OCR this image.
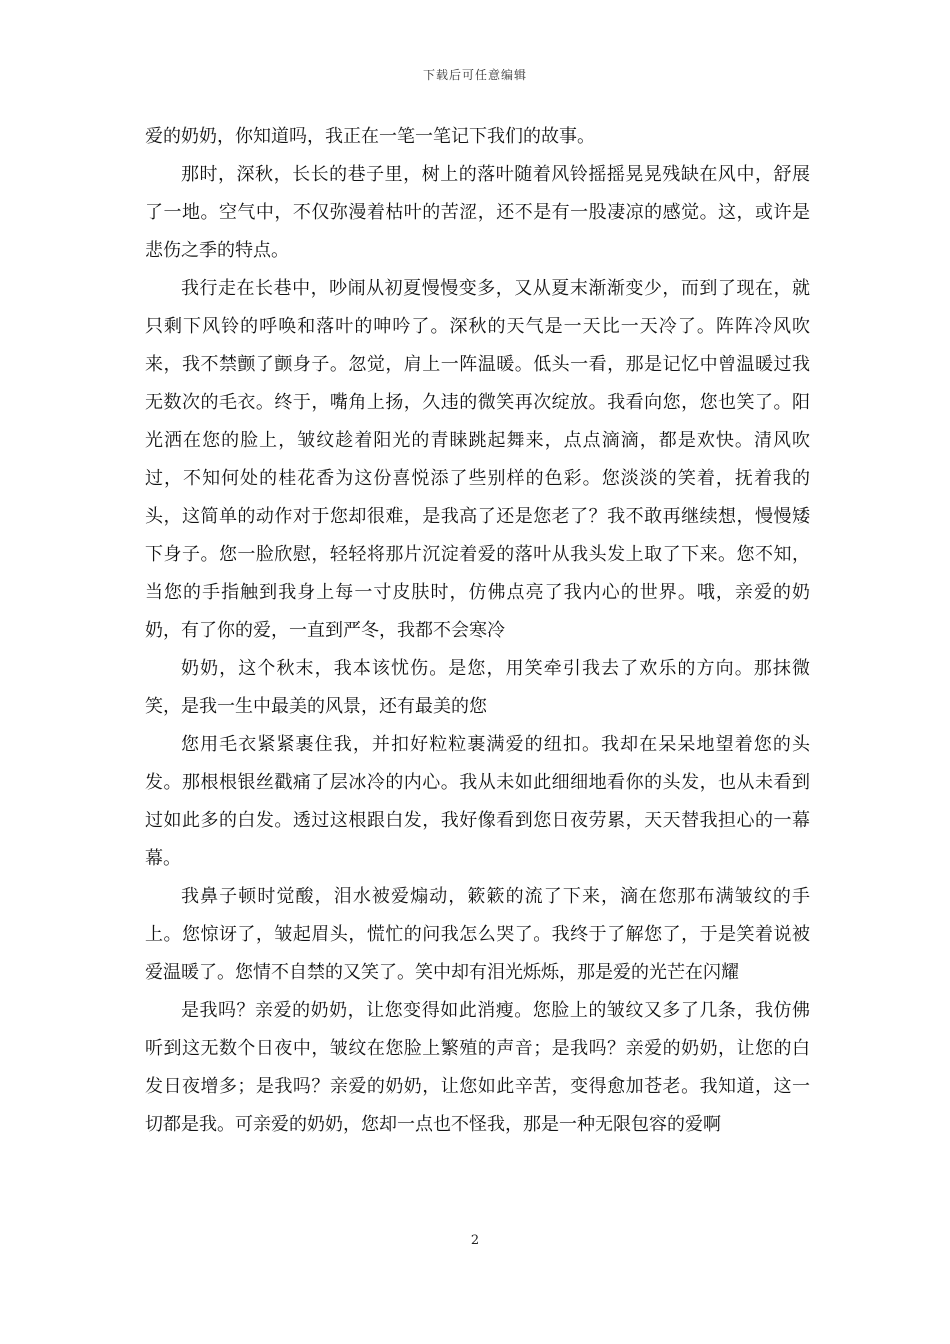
下载后可任意编辑

爱的奶奶，你知道吗，我正在一笔一笔记下我们的故事。

那时，深秋，长长的巷子里，树上的落叶随着风铃摇摇晃晃残缺在风中，舒展了一地。空气中，不仅弥漫着枯叶的苦涩，还不是有一股凄凉的感觉。这，或许是悲伤之季的特点。

我行走在长巷中，吵闹从初夏慢慢变多，又从夏末渐渐变少，而到了现在，就只剩下风铃的呼唤和落叶的呻吟了。深秋的天气是一天比一天冷了。阵阵冷风吹来，我不禁颤了颤身子。忽觉，肩上一阵温暖。低头一看，那是记忆中曾温暖过我无数次的毛衣。终于，嘴角上扬，久违的微笑再次绽放。我看向您，您也笑了。阳光洒在您的脸上，皱纹趁着阳光的青睐跳起舞来，点点滴滴，都是欢快。清风吹过，不知何处的桂花香为这份喜悦添了些别样的色彩。您淡淡的笑着，抚着我的头，这简单的动作对于您却很难，是我高了还是您老了？我不敢再继续想，慢慢矮下身子。您一脸欣慰，轻轻将那片沉淀着爱的落叶从我头发上取了下来。您不知，当您的手指触到我身上每一寸皮肤时，仿佛点亮了我内心的世界。哦，亲爱的奶奶，有了你的爱，一直到严冬，我都不会寒冷

奶奶，这个秋末，我本该忧伤。是您，用笑牵引我去了欢乐的方向。那抹微笑，是我一生中最美的风景，还有最美的您

您用毛衣紧紧裹住我，并扣好粒粒裹满爱的纽扣。我却在呆呆地望着您的头发。那根根银丝戳痛了层冰冷的内心。我从未如此细细地看你的头发，也从未看到过如此多的白发。透过这根跟白发，我好像看到您日夜劳累，天天替我担心的一幕幕。

我鼻子顿时觉酸，泪水被爱煽动，簌簌的流了下来，滴在您那布满皱纹的手上。您惊讶了，皱起眉头，慌忙的问我怎么哭了。我终于了解您了，于是笑着说被爱温暖了。您情不自禁的又笑了。笑中却有泪光烁烁，那是爱的光芒在闪耀

是我吗？亲爱的奶奶，让您变得如此消瘦。您脸上的皱纹又多了几条，我仿佛听到这无数个日夜中，皱纹在您脸上繁殖的声音；是我吗？亲爱的奶奶，让您的白发日夜增多；是我吗？亲爱的奶奶，让您如此辛苦，变得愈加苍老。我知道，这一切都是我。可亲爱的奶奶，您却一点也不怪我，那是一种无限包容的爱啊

2
